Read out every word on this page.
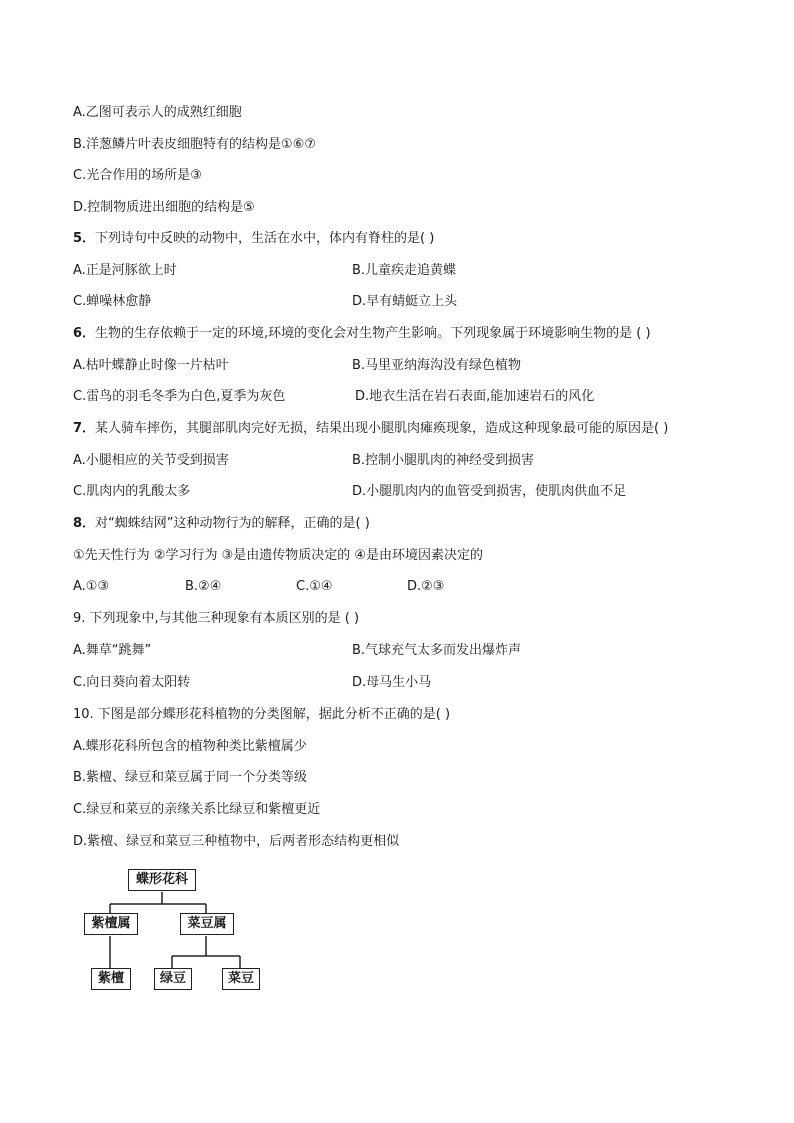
A.乙图可表示人的成熟红细胞
B.洋葱鳞片叶表皮细胞特有的结构是①⑥⑦
C.光合作用的场所是③
D.控制物质进出细胞的结构是⑤
5．下列诗句中反映的动物中，生活在水中，体内有脊柱的是( )
A.正是河豚欲上时	B.儿童疾走追黄蝶
C.蝉噪林愈静	D.早有蜻蜓立上头
6．生物的生存依赖于一定的环境,环境的变化会对生物产生影响。下列现象属于环境影响生物的是 ( )
A.枯叶蝶静止时像一片枯叶	B.马里亚纳海沟没有绿色植物
C.雷鸟的羽毛冬季为白色,夏季为灰色	D.地衣生活在岩石表面,能加速岩石的风化
7．某人骑车摔伤，其腿部肌肉完好无损，结果出现小腿肌肉瘫痪现象，造成这种现象最可能的原因是( )
A.小腿相应的关节受到损害	B.控制小腿肌肉的神经受到损害
C.肌肉内的乳酸太多	D.小腿肌肉内的血管受到损害，使肌肉供血不足
8．对“蜘蛛结网”这种动物行为的解释，正确的是( )
①先天性行为 ②学习行为 ③是由遗传物质决定的 ④是由环境因素决定的
A.①③	B.②④	C.①④	D.②③
9. 下列现象中,与其他三种现象有本质区别的是 ( )
A.舞草“跳舞”	B.气球充气太多而发出爆炸声
C.向日葵向着太阳转	D.母马生小马
10. 下图是部分蝶形花科植物的分类图解，据此分析不正确的是( )
A.蝶形花科所包含的植物种类比紫檀属少
B.紫檀、绿豆和菜豆属于同一个分类等级
C.绿豆和菜豆的亲缘关系比绿豆和紫檀更近
D.紫檀、绿豆和菜豆三种植物中，后两者形态结构更相似
蝶形花科
紫檀属	菜豆属
紫檀	绿豆	菜豆
